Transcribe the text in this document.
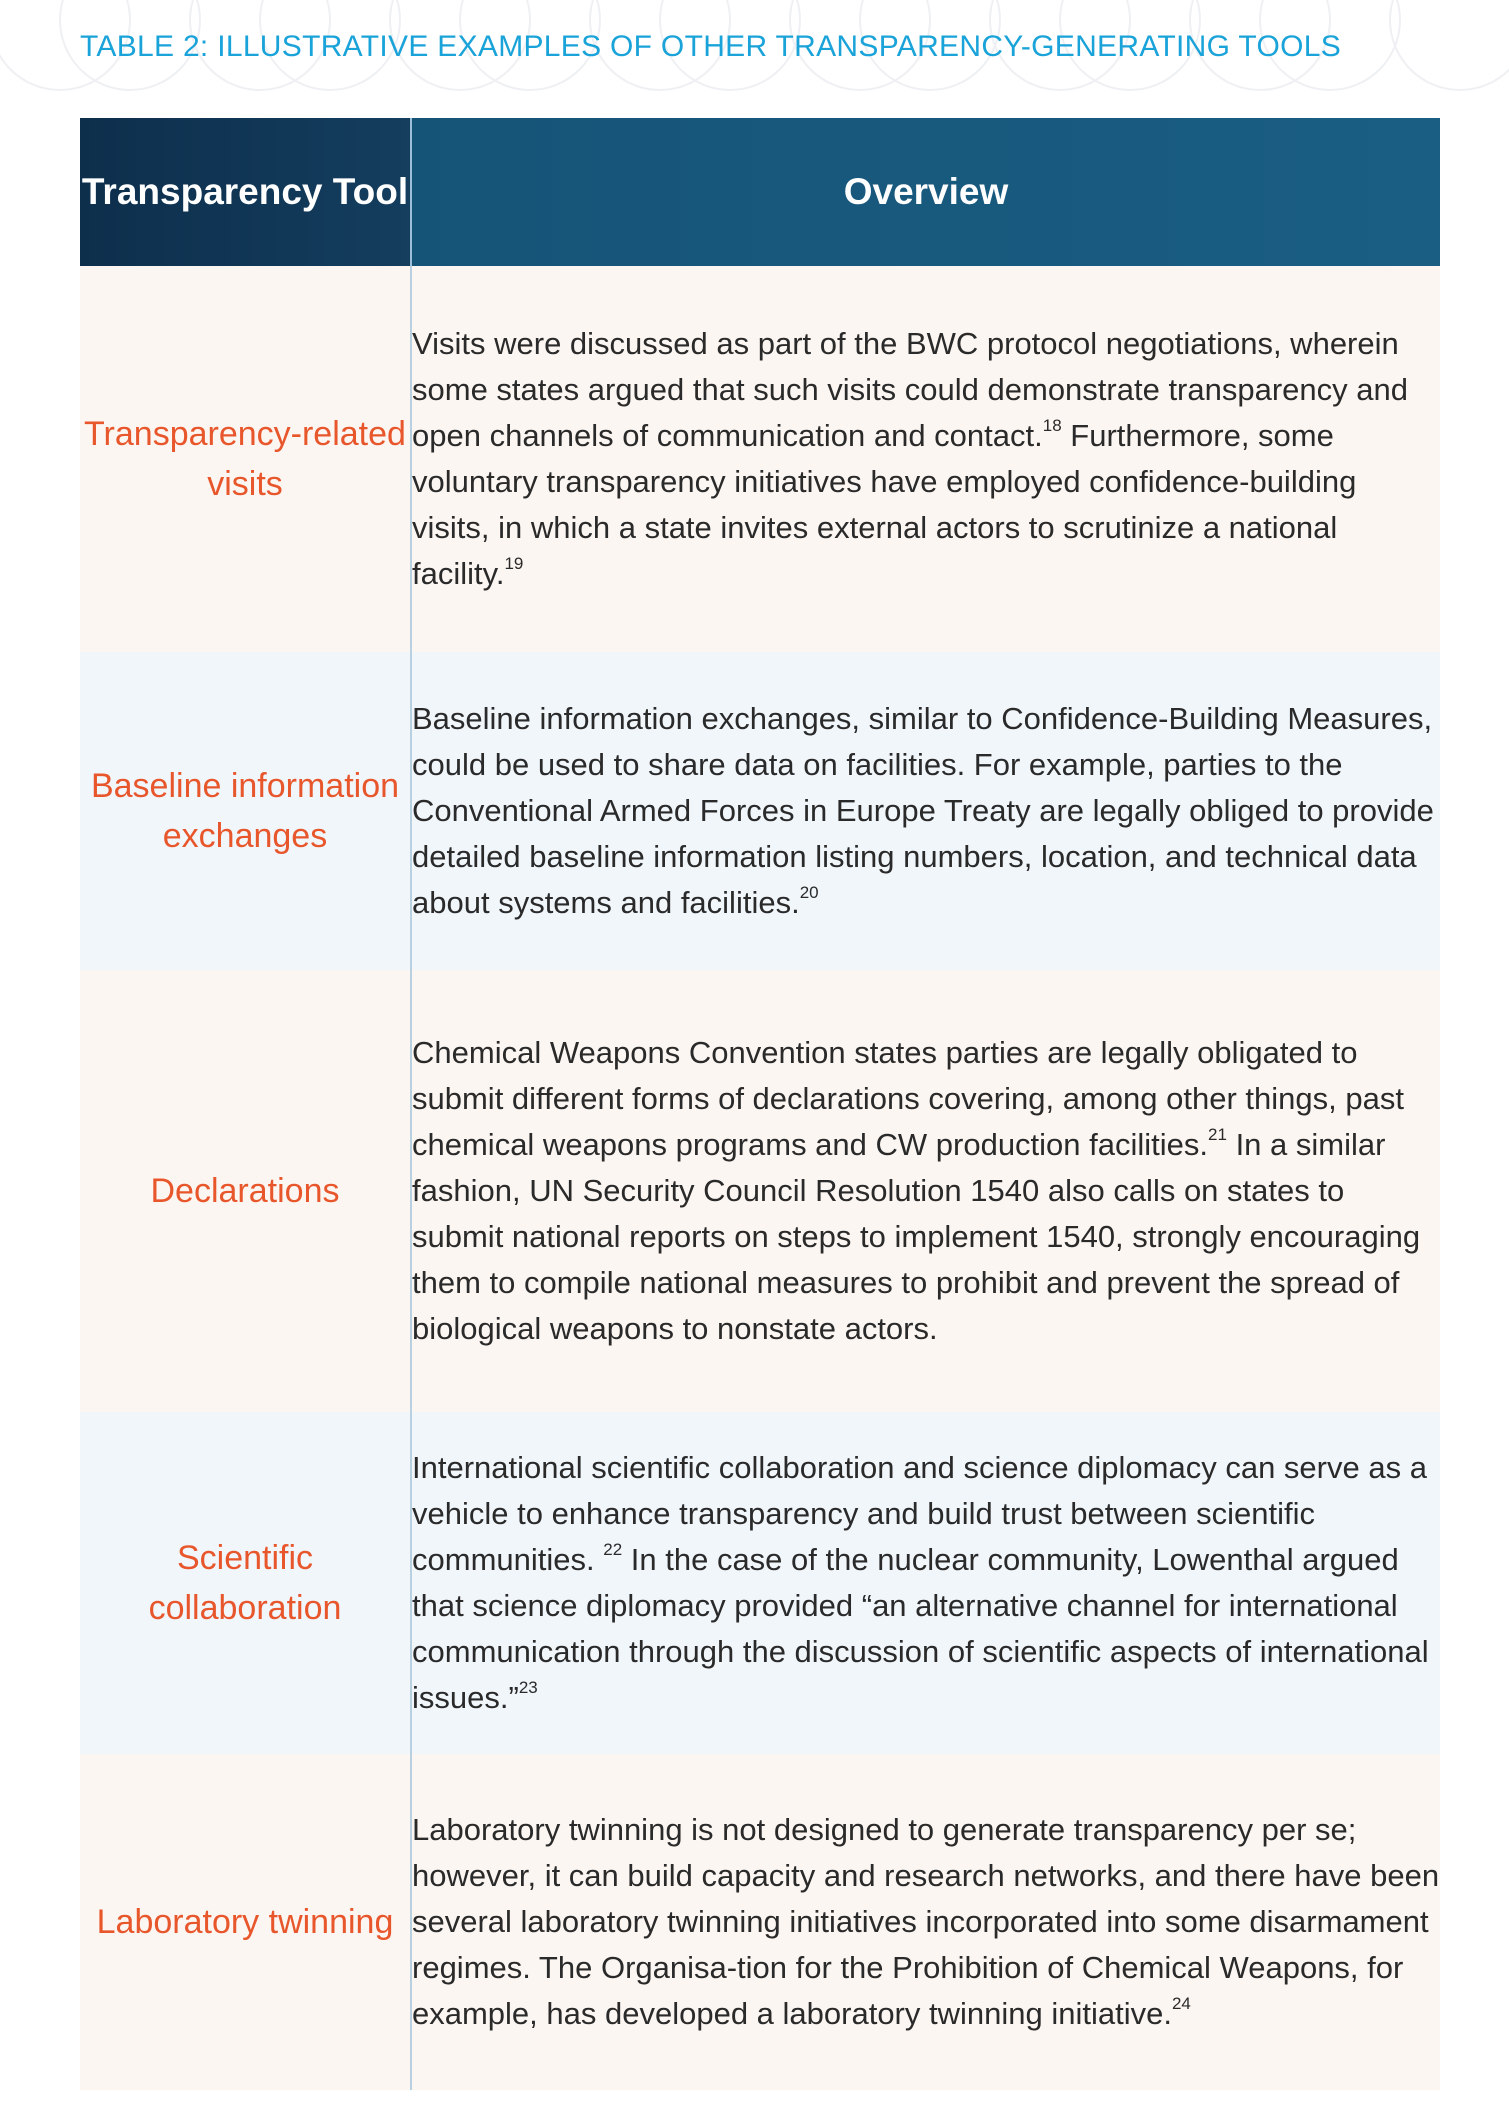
TABLE 2: ILLUSTRATIVE EXAMPLES OF OTHER TRANSPARENCY-GENERATING TOOLS
Transparency Tool	Overview
Transparency-related visits	Visits were discussed as part of the BWC protocol negotiations, wherein some states argued that such visits could demonstrate transparency and open channels of communication and contact.$^{18}$ Furthermore, some voluntary transparency initiatives have employed confidence-building visits, in which a state invites external actors to scrutinize a national facility.$^{19}$

Baseline information exchanges	Baseline information exchanges, similar to Confidence-Building Measures, could be used to share data on facilities. For example, parties to the Conventional Armed Forces in Europe Treaty are legally obliged to provide detailed baseline information listing numbers, location, and technical data about systems and facilities.$^{20}$

Declarations	Chemical Weapons Convention states parties are legally obligated to submit different forms of declarations covering, among other things, past chemical weapons programs and CW production facilities.$^{21}$ In a similar fashion, UN Security Council Resolution 1540 also calls on states to submit national reports on steps to implement 1540, strongly encouraging them to compile national measures to prohibit and prevent the spread of biological weapons to nonstate actors.

Scientific collaboration	International scientific collaboration and science diplomacy can serve as a vehicle to enhance transparency and build trust between scientific communities. $^{22}$ In the case of the nuclear community, Lowenthal argued that science diplomacy provided “an alternative channel for international communication through the discussion of scientific aspects of international issues.”$^{23}$

Laboratory twinning	Laboratory twinning is not designed to generate transparency per se; however, it can build capacity and research networks, and there have been several laboratory twinning initiatives incorporated into some disarmament regimes. The Organisa-tion for the Prohibition of Chemical Weapons, for example, has developed a laboratory twinning initiative.$^{24}$
